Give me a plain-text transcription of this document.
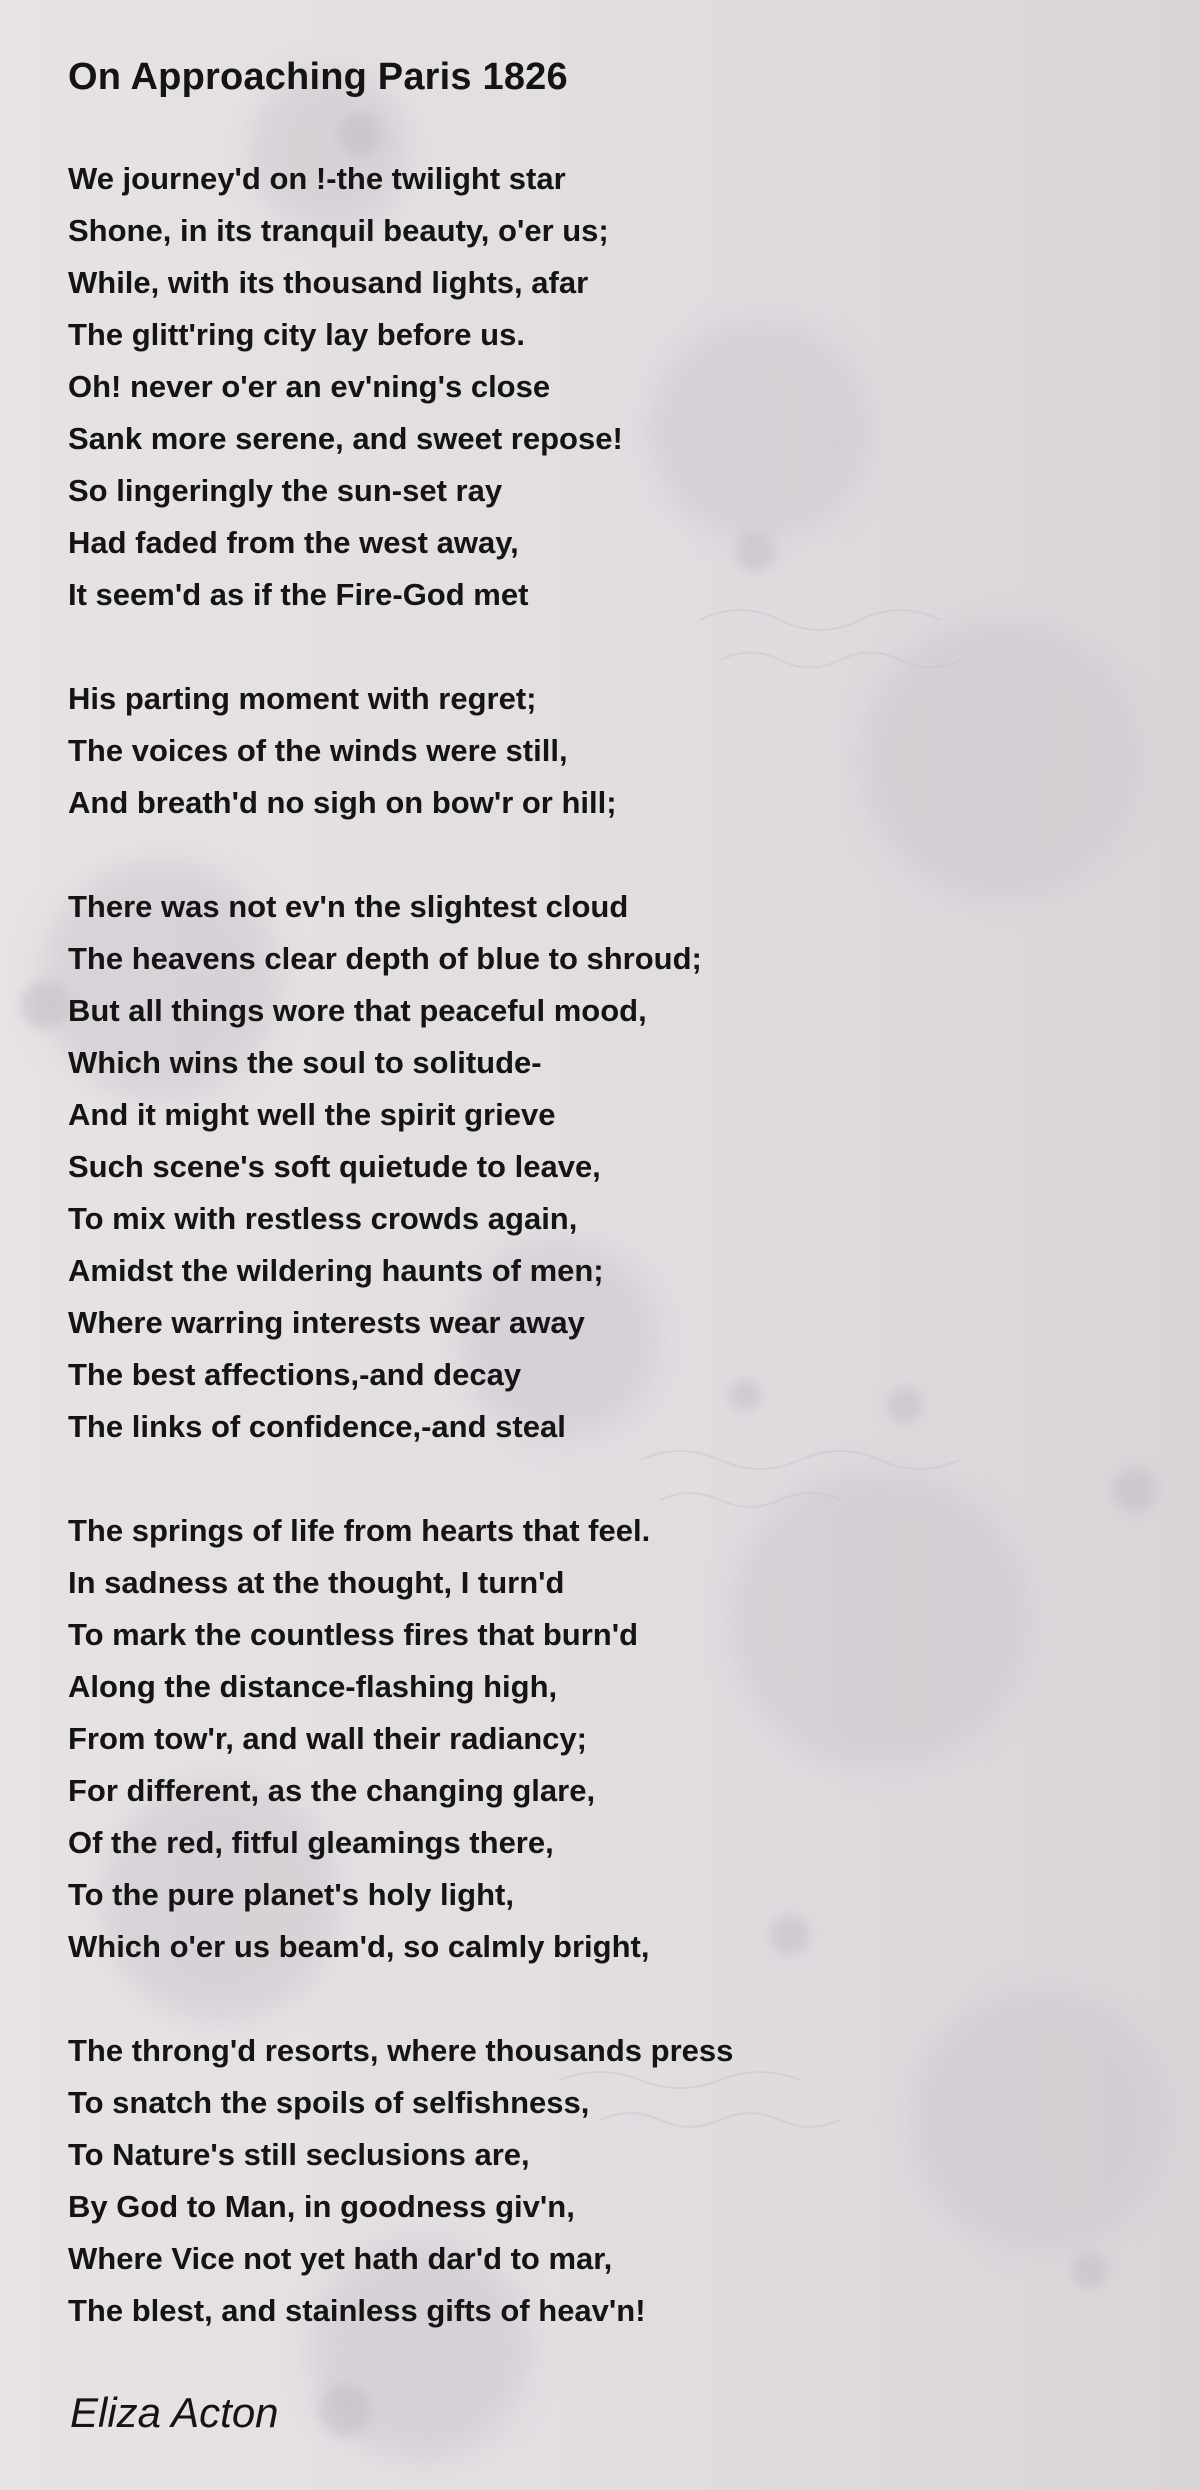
On Approaching Paris 1826
We journey'd on !-the twilight star
Shone, in its tranquil beauty, o'er us;
While, with its thousand lights, afar
The glitt'ring city lay before us.
Oh! never o'er an ev'ning's close
Sank more serene, and sweet repose!
So lingeringly the sun-set ray
Had faded from the west away,
It seem'd as if the Fire-God met
His parting moment with regret;
The voices of the winds were still,
And breath'd no sigh on bow'r or hill;
There was not ev'n the slightest cloud
The heavens clear depth of blue to shroud;
But all things wore that peaceful mood,
Which wins the soul to solitude-
And it might well the spirit grieve
Such scene's soft quietude to leave,
To mix with restless crowds again,
Amidst the wildering haunts of men;
Where warring interests wear away
The best affections,-and decay
The links of confidence,-and steal
The springs of life from hearts that feel.
In sadness at the thought, I turn'd
To mark the countless fires that burn'd
Along the distance-flashing high,
From tow'r, and wall their radiancy;
For different, as the changing glare,
Of the red, fitful gleamings there,
To the pure planet's holy light,
Which o'er us beam'd, so calmly bright,
The throng'd resorts, where thousands press
To snatch the spoils of selfishness,
To Nature's still seclusions are,
By God to Man, in goodness giv'n,
Where Vice not yet hath dar'd to mar,
The blest, and stainless gifts of heav'n!
Eliza Acton
